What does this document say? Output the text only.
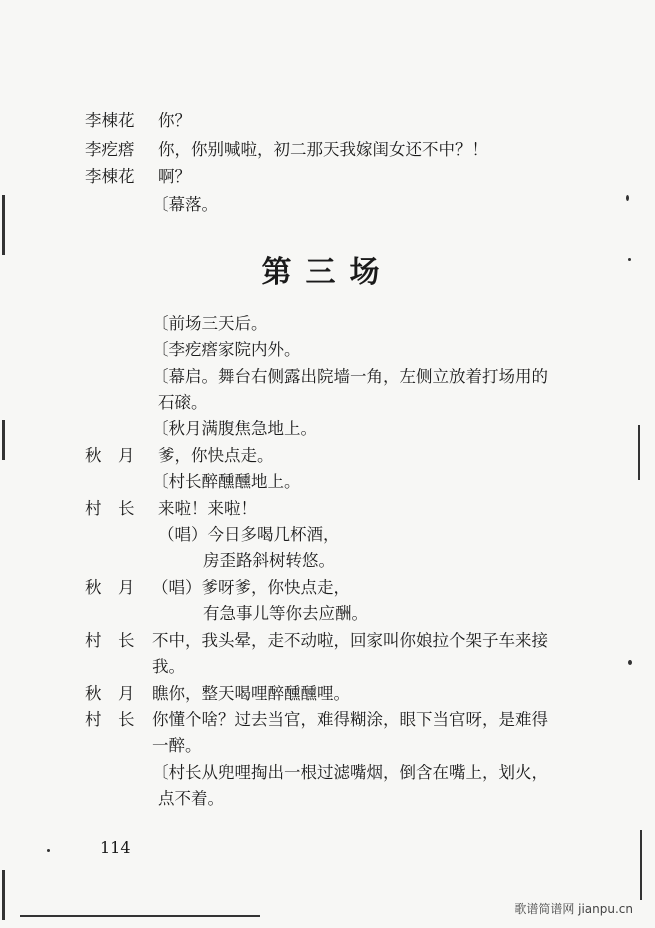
李棟花	你？
李疙瘩	你，你别喊啦，初二那天我嫁闺女还不中？！
李棟花	啊？
〔幕落。
第三场
〔前场三天后。
〔李疙瘩家院内外。
〔幕启。舞台右侧露出院墙一角，左侧立放着打场用的
石磙。
〔秋月满腹焦急地上。
秋　月	爹，你快点走。
〔村长醉醺醺地上。
村　长	来啦！来啦！
（唱）今日多喝几杯酒，
房歪路斜树转悠。
秋　月	（唱）爹呀爹，你快点走，
有急事儿等你去应酬。
村　长	不中，我头晕，走不动啦，回家叫你娘拉个架子车来接
我。
秋　月	瞧你，整天喝哩醉醺醺哩。
村　长	你懂个啥？过去当官，难得糊涂，眼下当官呀，是难得
一醉。
〔村长从兜哩掏出一根过滤嘴烟，倒含在嘴上，划火，
点不着。
114
歌谱简谱网 jianpu.cn
